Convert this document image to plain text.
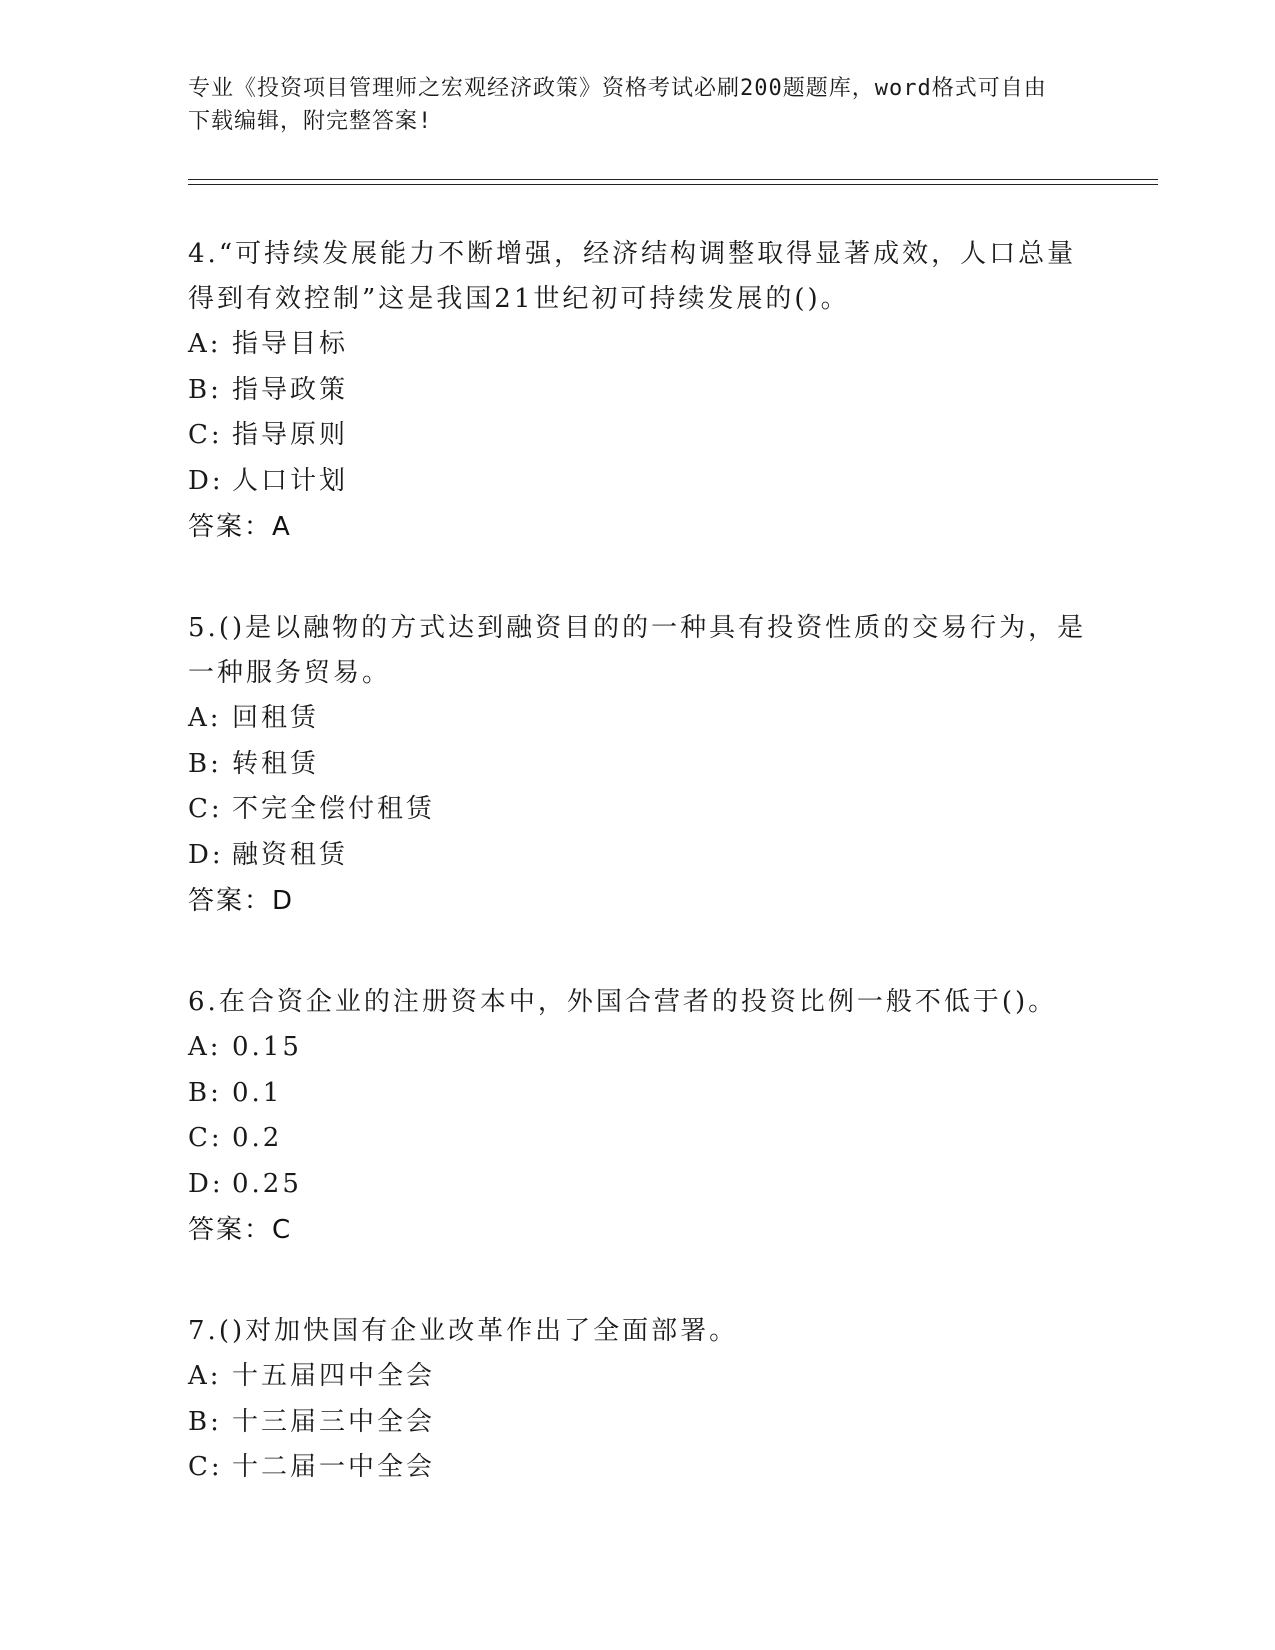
专业《投资项目管理师之宏观经济政策》资格考试必刷200题题库，word格式可自由下载编辑，附完整答案!
4.“可持续发展能力不断增强，经济结构调整取得显著成效，人口总量得到有效控制”这是我国21世纪初可持续发展的()。
A: 指导目标
B: 指导政策
C: 指导原则
D: 人口计划
答案：A
5.()是以融物的方式达到融资目的的一种具有投资性质的交易行为，是一种服务贸易。
A: 回租赁
B: 转租赁
C: 不完全偿付租赁
D: 融资租赁
答案：D
6.在合资企业的注册资本中，外国合营者的投资比例一般不低于()。
A: 0.15
B: 0.1
C: 0.2
D: 0.25
答案：C
7.()对加快国有企业改革作出了全面部署。
A: 十五届四中全会
B: 十三届三中全会
C: 十二届一中全会
